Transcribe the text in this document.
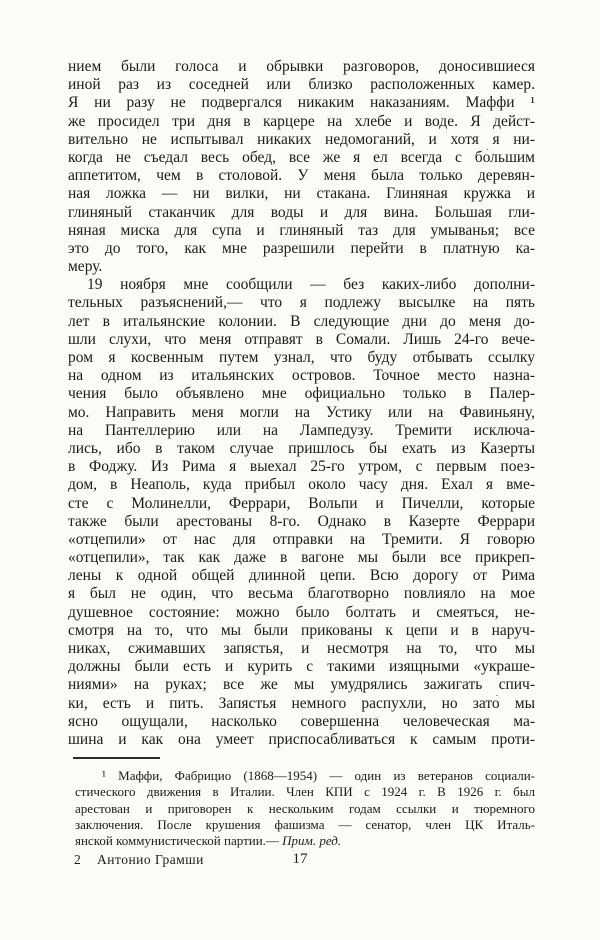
нием были голоса и обрывки разговоров, доносившиеся
иной раз из соседней или близко расположенных камер.
Я ни разу не подвергался никаким наказаниям. Маффи ¹
же просидел три дня в карцере на хлебе и воде. Я дейст-
вительно не испытывал никаких недомоганий, и хотя я ни-
когда не съедал весь обед, все же я ел всегда с бо́льшим
аппетитом, чем в столовой. У меня была только деревян-
ная ложка — ни вилки, ни стакана. Глиняная кружка и
глиняный стаканчик для воды и для вина. Большая гли-
няная миска для супа и глиняный таз для умыванья; все
это до того, как мне разрешили перейти в платную ка-
меру.
19 ноября мне сообщили — без каких-либо дополни-
тельных разъяснений,— что я подлежу высылке на пять
лет в итальянские колонии. В следующие дни до меня до-
шли слухи, что меня отправят в Сомали. Лишь 24-го вече-
ром я косвенным путем узнал, что буду отбывать ссылку
на одном из итальянских островов. Точное место назна-
чения было объявлено мне официально только в Палер-
мо. Направить меня могли на Устику или на Фавиньяну,
на Пантеллерию или на Лампедузу. Тремити исключа-
лись, ибо в таком случае пришлось бы ехать из Казерты
в Фоджу. Из Рима я выехал 25-го утром, с первым поез-
дом, в Неаполь, куда прибыл около часу дня. Ехал я вме-
сте с Молинелли, Феррари, Вольпи и Пичелли, которые
также были арестованы 8-го. Однако в Казерте Феррари
«отцепили» от нас для отправки на Тремити. Я говорю
«отцепили», так как даже в вагоне мы были все прикреп-
лены к одной общей длинной цепи. Всю дорогу от Рима
я был не один, что весьма благотворно повлияло на мое
душевное состояние: можно было болтать и смеяться, не-
смотря на то, что мы были прикованы к цепи и в наруч-
никах, сжимавших запястья, и несмотря на то, что мы
должны были есть и курить с такими изящными «украше-
ниями» на руках; все же мы умудрялись зажигать спич-
ки, есть и пить. Запястья немного распухли, но зато́ мы
ясно ощущали, насколько совершенна человеческая ма-
шина и как она умеет приспосабливаться к самым проти-
¹ Маффи, Фабрицио (1868—1954) — один из ветеранов социали-
стического движения в Италии. Член КПИ с 1924 г. В 1926 г. был
арестован и приговорен к нескольким годам ссылки и тюремного
заключения. После крушения фашизма — сенатор, член ЦК Италь-
янской коммунистической партии.— Прим. ред.
2 Антонио Грамши	17
